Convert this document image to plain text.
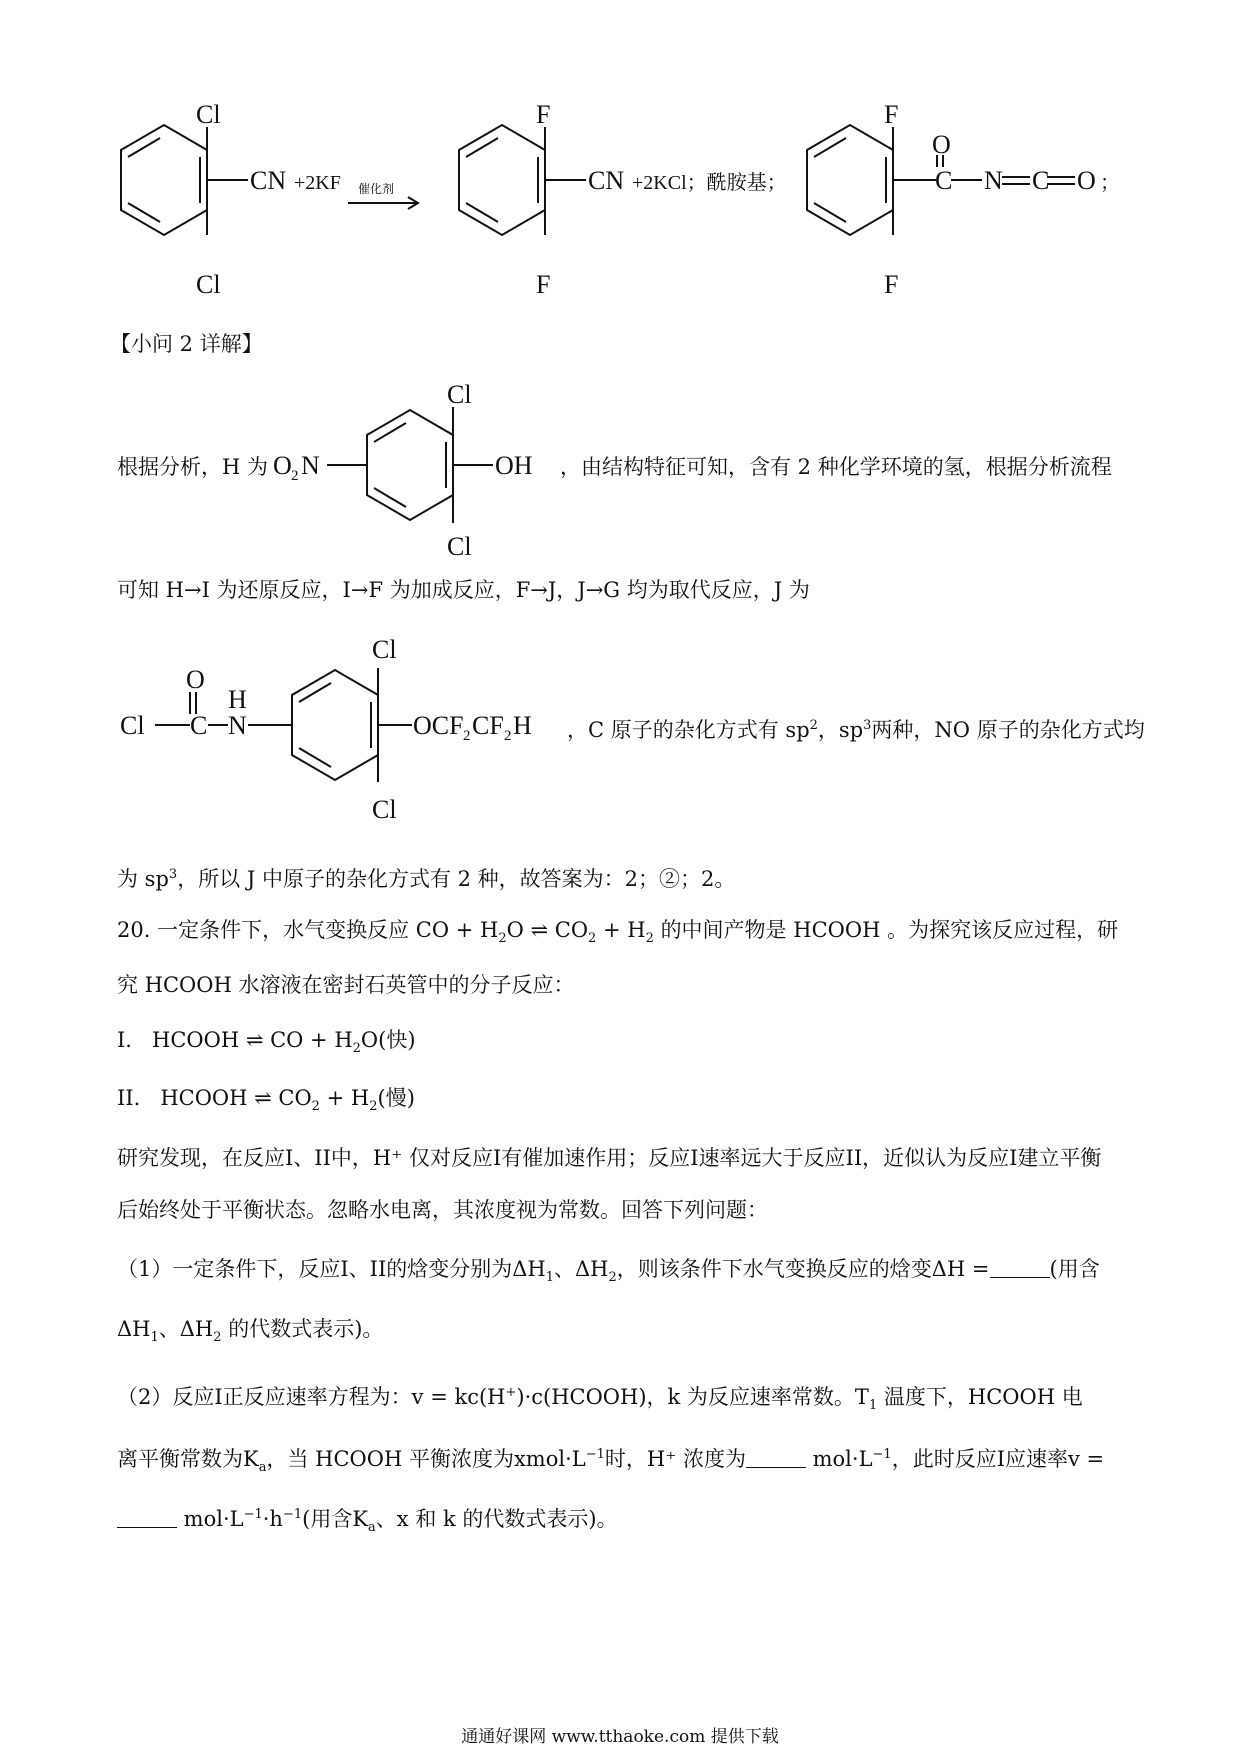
Cl
Cl
CN
F
F
CN
F
F
O
C N C O
+2KF 催化剂	+2KCl；酰胺基；	；
【小问 2 详解】
根据分析，H 为
Cl
Cl
OH
O 2 N	，由结构特征可知，含有 2 种化学环境的氢，根据分析流程
可知 H→I 为还原反应，I→F 为加成反应，F→J，J→G 均为取代反应，J 为
Cl
O
C
H
N
Cl
Cl
OCF 2 CF 2 H ，C 原子的杂化方式有 $sp^2$，$sp^3$两种，NO 原子的杂化方式均
为 $sp^3$，所以 J 中原子的杂化方式有 2 种，故答案为：2；②；2。
20. 一定条件下，水气变换反应 CO + $H_2O$ ⇌ $CO_2 + H_2$ 的中间产物是 HCOOH 。为探究该反应过程，研
究 HCOOH 水溶液在密封石英管中的分子反应：
I. HCOOH ⇌ CO + $H_2O$(快)
II. HCOOH ⇌ $CO_2 + H_2$(慢)
研究发现，在反应I、II中，H⁺ 仅对反应I有催加速作用；反应I速率远大于反应II，近似认为反应I建立平衡
后始终处于平衡状态。忽略水电离，其浓度视为常数。回答下列问题：
（1）一定条件下，反应I、II的焓变分别为$\Delta H_1$、$\Delta H_2$，则该条件下水气变换反应的焓变ΔH =	(用含
$\Delta H_1$、$\Delta H_2$ 的代数式表示)。
（2）反应I正反应速率方程为：v = kc(H+)·c(HCOOH)，k 为反应速率常数。$T_1$ 温度下，HCOOH 电
离平衡常数为$K_a$，当 HCOOH 平衡浓度为$xmol\cdot L^{-1}$时，H⁺ 浓度为	$mol\cdot L^{-1}$，此时反应I应速率v =
$mol\cdot L^{-1}\cdot h^{-1}$(用含$K_a$、x 和 k 的代数式表示)。
通通好课网 www.tthaoke.com 提供下载
